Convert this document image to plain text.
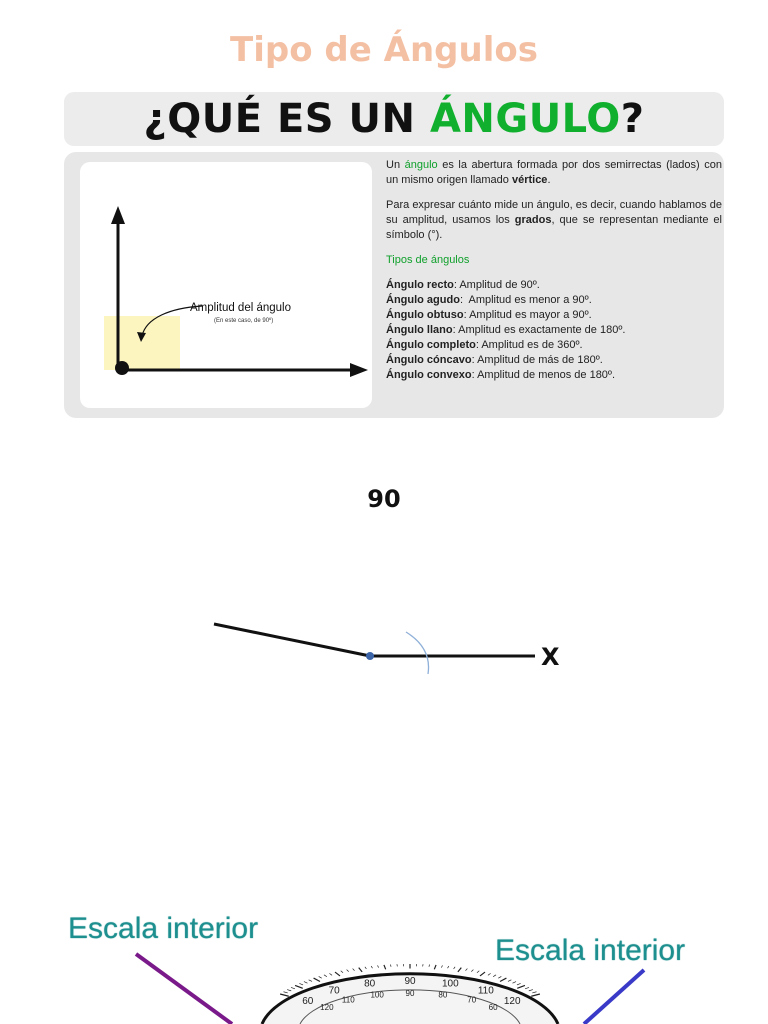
Tipo de Ángulos
¿QUÉ ES UN ÁNGULO ?
Amplitud del ángulo
(En este caso, de 90º)

Un ángulo es la abertura formada por dos semirrectas (lados) con un mismo origen llamado vértice.

Para expresar cuánto mide un ángulo, es decir, cuando hablamos de su amplitud, usamos los grados, que se representan mediante el símbolo (°).

Tipos de ángulos
Ángulo recto: Amplitud de 90º.
Ángulo agudo:  Amplitud es menor a 90º.
Ángulo obtuso: Amplitud es mayor a 90º.
Ángulo llano: Amplitud es exactamente de 180º.
Ángulo completo: Amplitud es de 360º.
Ángulo cóncavo: Amplitud de más de 180º.
Ángulo convexo: Amplitud de menos de 180º.
90
X
Escala interior
Escala interior
60
70
80	90	100
110
120
120
110
100	90	80
70
60
